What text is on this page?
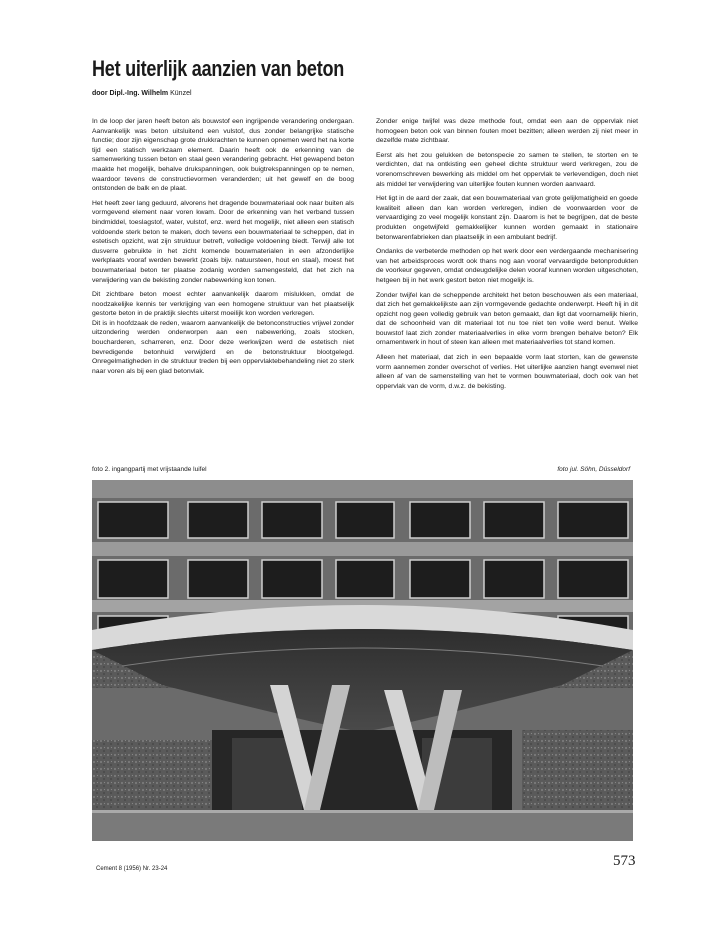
Het uiterlijk aanzien van beton
door Dipl.-Ing. Wilhelm Künzel

In de loop der jaren heeft beton als bouwstof een ingrijpende verandering ondergaan. Aanvankelijk was beton uitsluitend een vulstof, dus zonder belangrijke statische functie; door zijn eigenschap grote drukkrachten te kunnen opnemen werd het na korte tijd een statisch werkzaam element. Daarin heeft ook de erkenning van de samenwerking tussen beton en staal geen verandering gebracht. Het gewapend beton maakte het mogelijk, behalve drukspanningen, ook buigtrekspanningen op te nemen, waardoor tevens de constructievormen veranderden; uit het gewelf en de boog ontstonden de balk en de plaat.

Het heeft zeer lang geduurd, alvorens het dragende bouwmateriaal ook naar buiten als vormgevend element naar voren kwam. Door de erkenning van het verband tussen bindmiddel, toeslagstof, water, vulstof, enz. werd het mogelijk, niet alleen een statisch voldoende sterk beton te maken, doch tevens een bouwmateriaal te scheppen, dat in estetisch opzicht, wat zijn struktuur betreft, volledige voldoening biedt. Terwijl alle tot dusverre gebruikte in het zicht komende bouwmaterialen in een afzonderlijke werkplaats vooraf werden bewerkt (zoals bijv. natuursteen, hout en staal), moest het bouwmateriaal beton ter plaatse zodanig worden samengesteld, dat het zich na verwijdering van de bekisting zonder nabewerking kon tonen.

Dit zichtbare beton moest echter aanvankelijk daarom mislukken, omdat de noodzakelijke kennis ter verkrijging van een homogene struktuur van het plaatselijk gestorte beton in de praktijk slechts uiterst moeilijk kon worden verkregen.

Dit is in hoofdzaak de reden, waarom aanvankelijk de betonconstructies vrijwel zonder uitzondering werden onderworpen aan een nabewerking, zoals stocken, boucharderen, scharreren, enz. Door deze werkwijzen werd de estetisch niet bevredigende betonhuid verwijderd en de betonstruktuur blootgelegd. Onregelmatigheden in de struktuur treden bij een oppervlaktebehandeling niet zo sterk naar voren als bij een glad betonvlak.

Zonder enige twijfel was deze methode fout, omdat een aan de oppervlak niet homogeen beton ook van binnen fouten moet bezitten; alleen werden zij niet meer in dezelfde mate zichtbaar.

Eerst als het zou gelukken de betonspecie zo samen te stellen, te storten en te verdichten, dat na ontkisting een geheel dichte struktuur werd verkregen, zou de vorenomschreven bewerking als middel om het oppervlak te verlevendigen, doch niet als middel ter verwijdering van uiterlijke fouten kunnen worden aanvaard.

Het ligt in de aard der zaak, dat een bouwmateriaal van grote gelijkmatigheid en goede kwaliteit alleen dan kan worden verkregen, indien de voorwaarden voor de vervaardiging zo veel mogelijk konstant zijn. Daarom is het te begrijpen, dat de beste produkten ongetwijfeld gemakkelijker kunnen worden gemaakt in stationaire betonwarenfabrieken dan plaatselijk in een ambulant bedrijf.

Ondanks de verbeterde methoden op het werk door een verdergaande mechanisering van het arbeidsproces wordt ook thans nog aan vooraf vervaardigde betonprodukten de voorkeur gegeven, omdat ondeugdelijke delen vooraf kunnen worden uitgeschoten, hetgeen bij in het werk gestort beton niet mogelijk is.

Zonder twijfel kan de scheppende architekt het beton beschouwen als een materiaal, dat zich het gemakkelijkste aan zijn vormgevende gedachte onderwerpt. Heeft hij in dit opzicht nog geen volledig gebruik van beton gemaakt, dan ligt dat voornamelijk hierin, dat de schoonheid van dit materiaal tot nu toe niet ten volle werd benut. Welke bouwstof laat zich zonder materiaalverlies in elke vorm brengen behalve beton? Elk ornamentwerk in hout of steen kan alleen met materiaalverlies tot stand komen.

Alleen het materiaal, dat zich in een bepaalde vorm laat storten, kan de gewenste vorm aannemen zonder overschot of verlies. Het uiterlijke aanzien hangt evenwel niet alleen af van de samenstelling van het te vormen bouwmateriaal, doch ook van het oppervlak van de vorm, d.w.z. de bekisting.

foto 2. ingangpartij met vrijstaande luifel	foto jul. Söhn, Düsseldorf
573
Cement 8 (1956) Nr. 23-24
